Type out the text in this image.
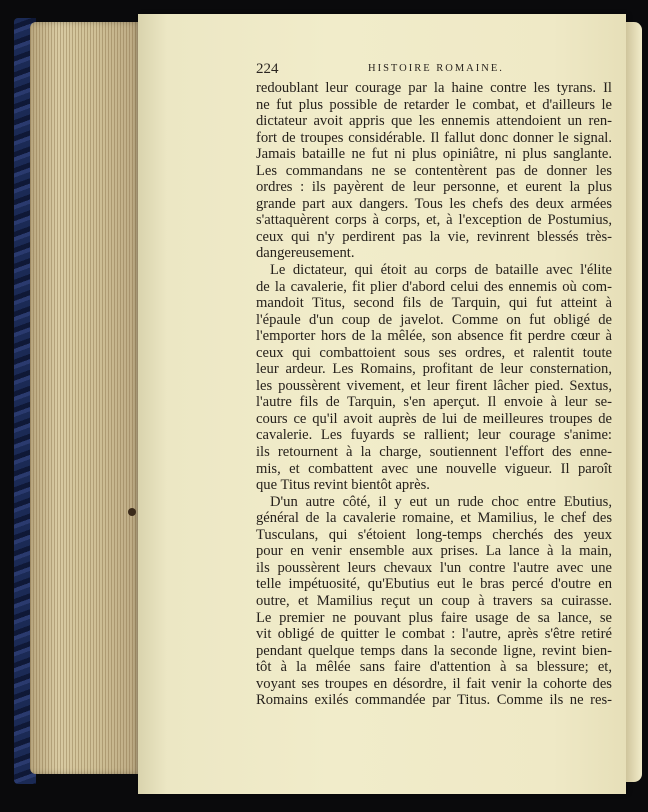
224	HISTOIRE ROMAINE.
redoublant leur courage par la haine contre les tyrans. Il
ne fut plus possible de retarder le combat, et d'ailleurs le
dictateur avoit appris que les ennemis attendoient un ren-
fort de troupes considérable. Il fallut donc donner le signal.
Jamais bataille ne fut ni plus opiniâtre, ni plus sanglante.
Les commandans ne se contentèrent pas de donner les
ordres : ils payèrent de leur personne, et eurent la plus
grande part aux dangers. Tous les chefs des deux armées
s'attaquèrent corps à corps, et, à l'exception de Postumius,
ceux qui n'y perdirent pas la vie, revinrent blessés très-
dangereusement.
Le dictateur, qui étoit au corps de bataille avec l'élite
de la cavalerie, fit plier d'abord celui des ennemis où com-
mandoit Titus, second fils de Tarquin, qui fut atteint à
l'épaule d'un coup de javelot. Comme on fut obligé de
l'emporter hors de la mêlée, son absence fit perdre cœur à
ceux qui combattoient sous ses ordres, et ralentit toute
leur ardeur. Les Romains, profitant de leur consternation,
les poussèrent vivement, et leur firent lâcher pied. Sextus,
l'autre fils de Tarquin, s'en aperçut. Il envoie à leur se-
cours ce qu'il avoit auprès de lui de meilleures troupes de
cavalerie. Les fuyards se rallient; leur courage s'anime:
ils retournent à la charge, soutiennent l'effort des enne-
mis, et combattent avec une nouvelle vigueur. Il paroît
que Titus revint bientôt après.
D'un autre côté, il y eut un rude choc entre Ebutius,
général de la cavalerie romaine, et Mamilius, le chef des
Tusculans, qui s'étoient long-temps cherchés des yeux
pour en venir ensemble aux prises. La lance à la main,
ils poussèrent leurs chevaux l'un contre l'autre avec une
telle impétuosité, qu'Ebutius eut le bras percé d'outre en
outre, et Mamilius reçut un coup à travers sa cuirasse.
Le premier ne pouvant plus faire usage de sa lance, se
vit obligé de quitter le combat : l'autre, après s'être retiré
pendant quelque temps dans la seconde ligne, revint bien-
tôt à la mêlée sans faire d'attention à sa blessure; et,
voyant ses troupes en désordre, il fait venir la cohorte des
Romains exilés commandée par Titus. Comme ils ne res-
